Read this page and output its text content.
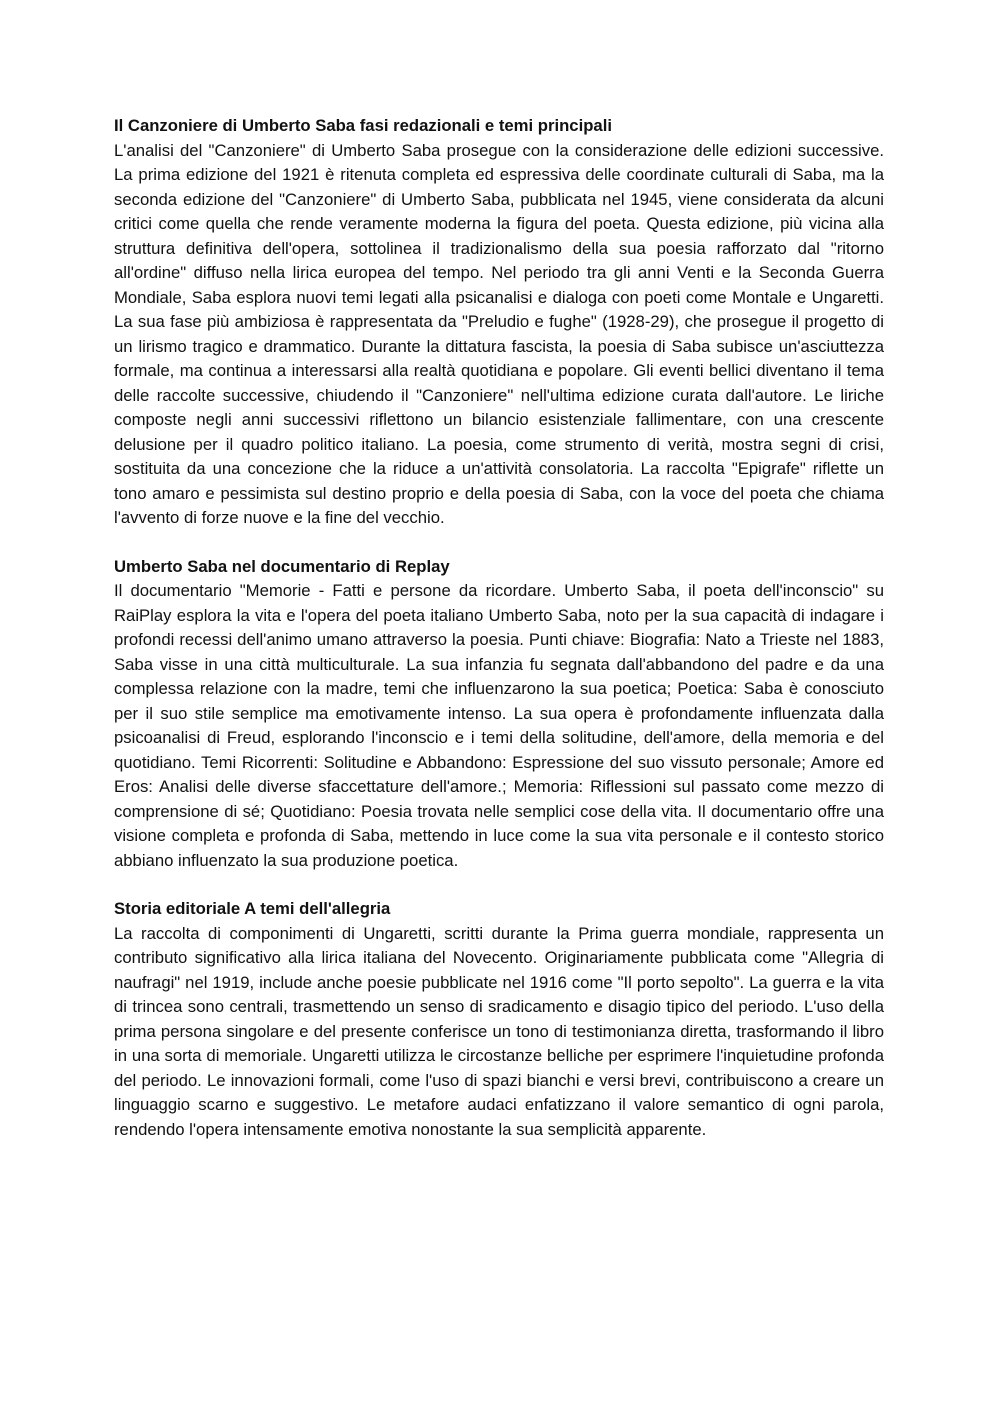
Il Canzoniere di Umberto Saba fasi redazionali e temi principali
L'analisi del "Canzoniere" di Umberto Saba prosegue con la considerazione delle edizioni successive. La prima edizione del 1921 è ritenuta completa ed espressiva delle coordinate culturali di Saba, ma la seconda edizione del "Canzoniere" di Umberto Saba, pubblicata nel 1945, viene considerata da alcuni critici come quella che rende veramente moderna la figura del poeta. Questa edizione, più vicina alla struttura definitiva dell'opera, sottolinea il tradizionalismo della sua poesia rafforzato dal "ritorno all'ordine" diffuso nella lirica europea del tempo. Nel periodo tra gli anni Venti e la Seconda Guerra Mondiale, Saba esplora nuovi temi legati alla psicanalisi e dialoga con poeti come Montale e Ungaretti. La sua fase più ambiziosa è rappresentata da "Preludio e fughe" (1928-29), che prosegue il progetto di un lirismo tragico e drammatico. Durante la dittatura fascista, la poesia di Saba subisce un'asciuttezza formale, ma continua a interessarsi alla realtà quotidiana e popolare. Gli eventi bellici diventano il tema delle raccolte successive, chiudendo il "Canzoniere" nell'ultima edizione curata dall'autore. Le liriche composte negli anni successivi riflettono un bilancio esistenziale fallimentare, con una crescente delusione per il quadro politico italiano. La poesia, come strumento di verità, mostra segni di crisi, sostituita da una concezione che la riduce a un'attività consolatoria. La raccolta "Epigrafe" riflette un tono amaro e pessimista sul destino proprio e della poesia di Saba, con la voce del poeta che chiama l'avvento di forze nuove e la fine del vecchio.
Umberto Saba nel documentario di Replay
Il documentario "Memorie - Fatti e persone da ricordare. Umberto Saba, il poeta dell'inconscio" su RaiPlay esplora la vita e l'opera del poeta italiano Umberto Saba, noto per la sua capacità di indagare i profondi recessi dell'animo umano attraverso la poesia. Punti chiave: Biografia: Nato a Trieste nel 1883, Saba visse in una città multiculturale. La sua infanzia fu segnata dall'abbandono del padre e da una complessa relazione con la madre, temi che influenzarono la sua poetica; Poetica: Saba è conosciuto per il suo stile semplice ma emotivamente intenso. La sua opera è profondamente influenzata dalla psicoanalisi di Freud, esplorando l'inconscio e i temi della solitudine, dell'amore, della memoria e del quotidiano. Temi Ricorrenti: Solitudine e Abbandono: Espressione del suo vissuto personale; Amore ed Eros: Analisi delle diverse sfaccettature dell'amore.; Memoria: Riflessioni sul passato come mezzo di comprensione di sé; Quotidiano: Poesia trovata nelle semplici cose della vita. Il documentario offre una visione completa e profonda di Saba, mettendo in luce come la sua vita personale e il contesto storico abbiano influenzato la sua produzione poetica.
Storia editoriale A temi dell'allegria
La raccolta di componimenti di Ungaretti, scritti durante la Prima guerra mondiale, rappresenta un contributo significativo alla lirica italiana del Novecento. Originariamente pubblicata come "Allegria di naufragi" nel 1919, include anche poesie pubblicate nel 1916 come "Il porto sepolto". La guerra e la vita di trincea sono centrali, trasmettendo un senso di sradicamento e disagio tipico del periodo. L'uso della prima persona singolare e del presente conferisce un tono di testimonianza diretta, trasformando il libro in una sorta di memoriale. Ungaretti utilizza le circostanze belliche per esprimere l'inquietudine profonda del periodo. Le innovazioni formali, come l'uso di spazi bianchi e versi brevi, contribuiscono a creare un linguaggio scarno e suggestivo. Le metafore audaci enfatizzano il valore semantico di ogni parola, rendendo l'opera intensamente emotiva nonostante la sua semplicità apparente.
